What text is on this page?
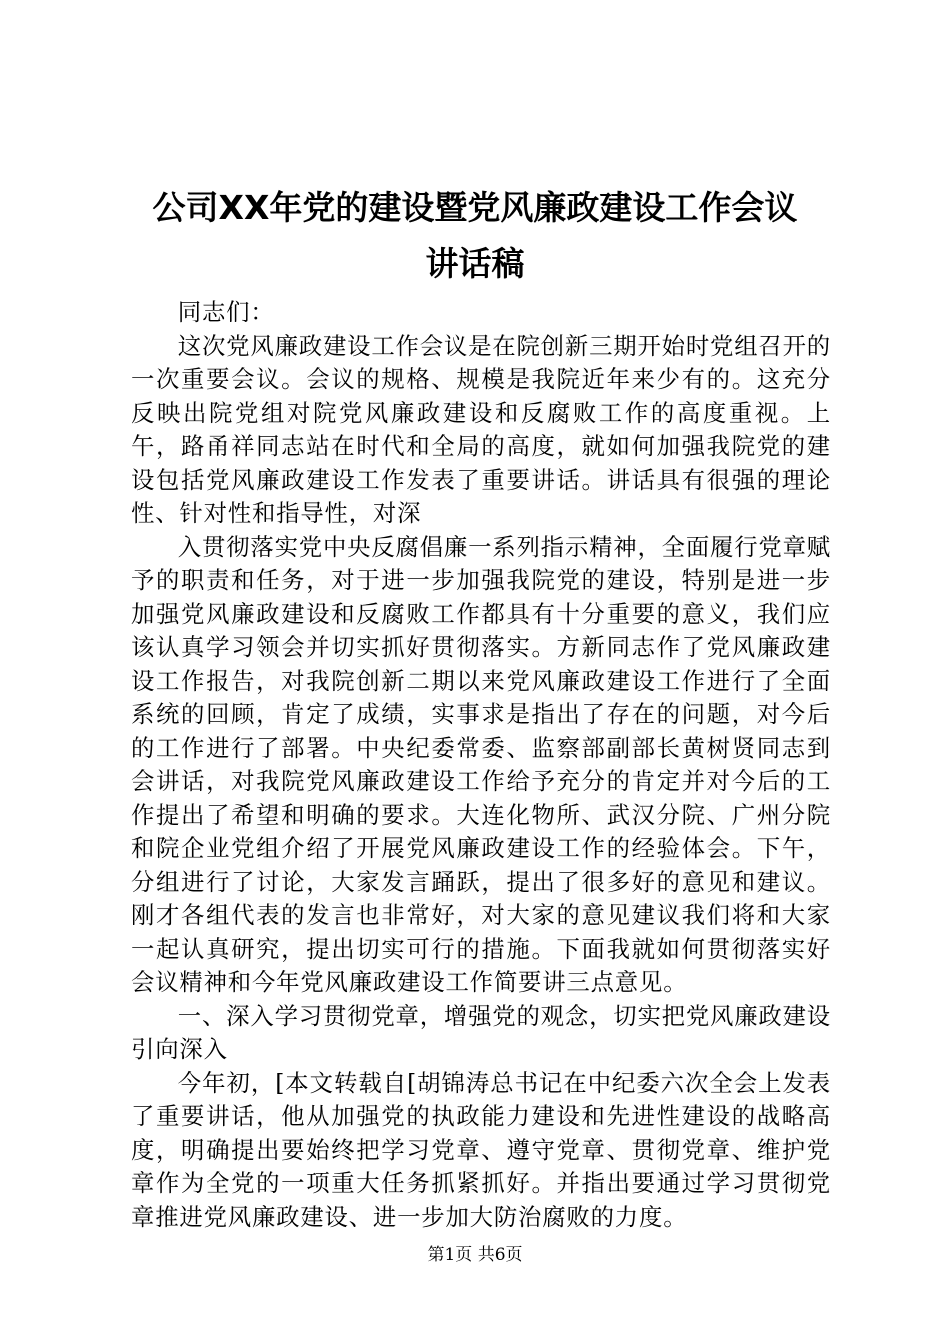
公司XX年党的建设暨党风廉政建设工作会议
讲话稿

同志们：

这次党风廉政建设工作会议是在院创新三期开始时党组召开的一次重要会议。会议的规格、规模是我院近年来少有的。这充分反映出院党组对院党风廉政建设和反腐败工作的高度重视。上午，路甬祥同志站在时代和全局的高度，就如何加强我院党的建设包括党风廉政建设工作发表了重要讲话。讲话具有很强的理论性、针对性和指导性，对深

入贯彻落实党中央反腐倡廉一系列指示精神，全面履行党章赋予的职责和任务，对于进一步加强我院党的建设，特别是进一步加强党风廉政建设和反腐败工作都具有十分重要的意义，我们应该认真学习领会并切实抓好贯彻落实。方新同志作了党风廉政建设工作报告，对我院创新二期以来党风廉政建设工作进行了全面系统的回顾，肯定了成绩，实事求是指出了存在的问题，对今后的工作进行了部署。中央纪委常委、监察部副部长黄树贤同志到会讲话，对我院党风廉政建设工作给予充分的肯定并对今后的工作提出了希望和明确的要求。大连化物所、武汉分院、广州分院和院企业党组介绍了开展党风廉政建设工作的经验体会。下午，分组进行了讨论，大家发言踊跃，提出了很多好的意见和建议。刚才各组代表的发言也非常好，对大家的意见建议我们将和大家一起认真研究，提出切实可行的措施。下面我就如何贯彻落实好会议精神和今年党风廉政建设工作简要讲三点意见。

一、深入学习贯彻党章，增强党的观念，切实把党风廉政建设引向深入

今年初，[本文转载自[胡锦涛总书记在中纪委六次全会上发表了重要讲话，他从加强党的执政能力建设和先进性建设的战略高度，明确提出要始终把学习党章、遵守党章、贯彻党章、维护党章作为全党的一项重大任务抓紧抓好。并指出要通过学习贯彻党章推进党风廉政建设、进一步加大防治腐败的力度。

第1页 共6页
